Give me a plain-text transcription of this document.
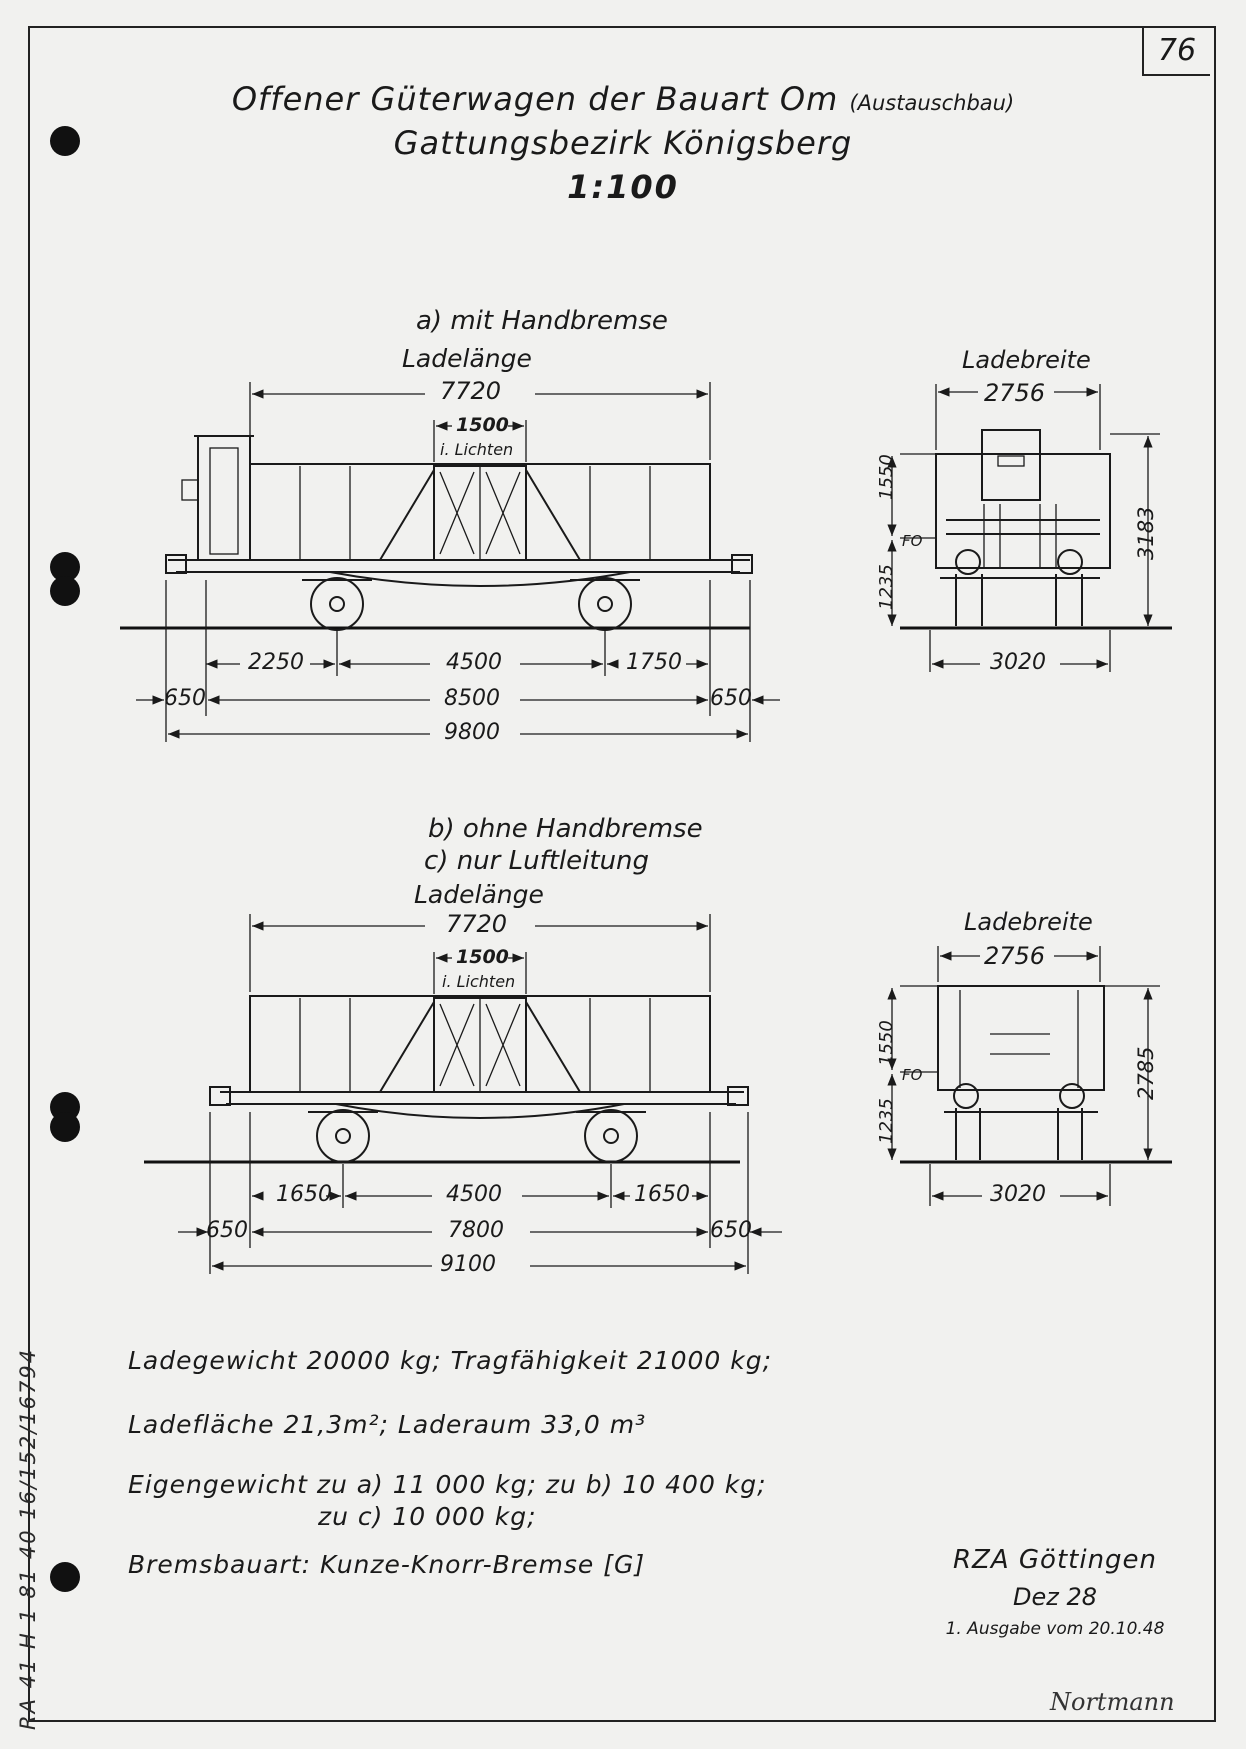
76
Offener Güterwagen der Bauart Om (Austauschbau)
Gattungsbezirk Königsberg
1:100
a) mit Handbremse
Ladelänge
7720
1500
i. Lichten
2250	4500	1750
650	8500	650
9800
Ladebreite
2756
1550
FO
1235
3183
3020
b) ohne Handbremse
c) nur Luftleitung
Ladelänge
7720
1500
i. Lichten
1650	4500	1650
650	7800	650
9100
Ladebreite
2756
1550
FO
1235
2785
3020
Ladegewicht 20000 kg; Tragfähigkeit 21000 kg;
Ladefläche 21,3m²; Laderaum 33,0 m³
Eigengewicht zu a) 11 000 kg; zu b) 10 400 kg;
zu c) 10 000 kg;
Bremsbauart: Kunze-Knorr-Bremse [G]	RZA Göttingen
Dez 28
1. Ausgabe vom 20.10.48
Nortmann
RA 41 H 1 81 40 16/152/16794
